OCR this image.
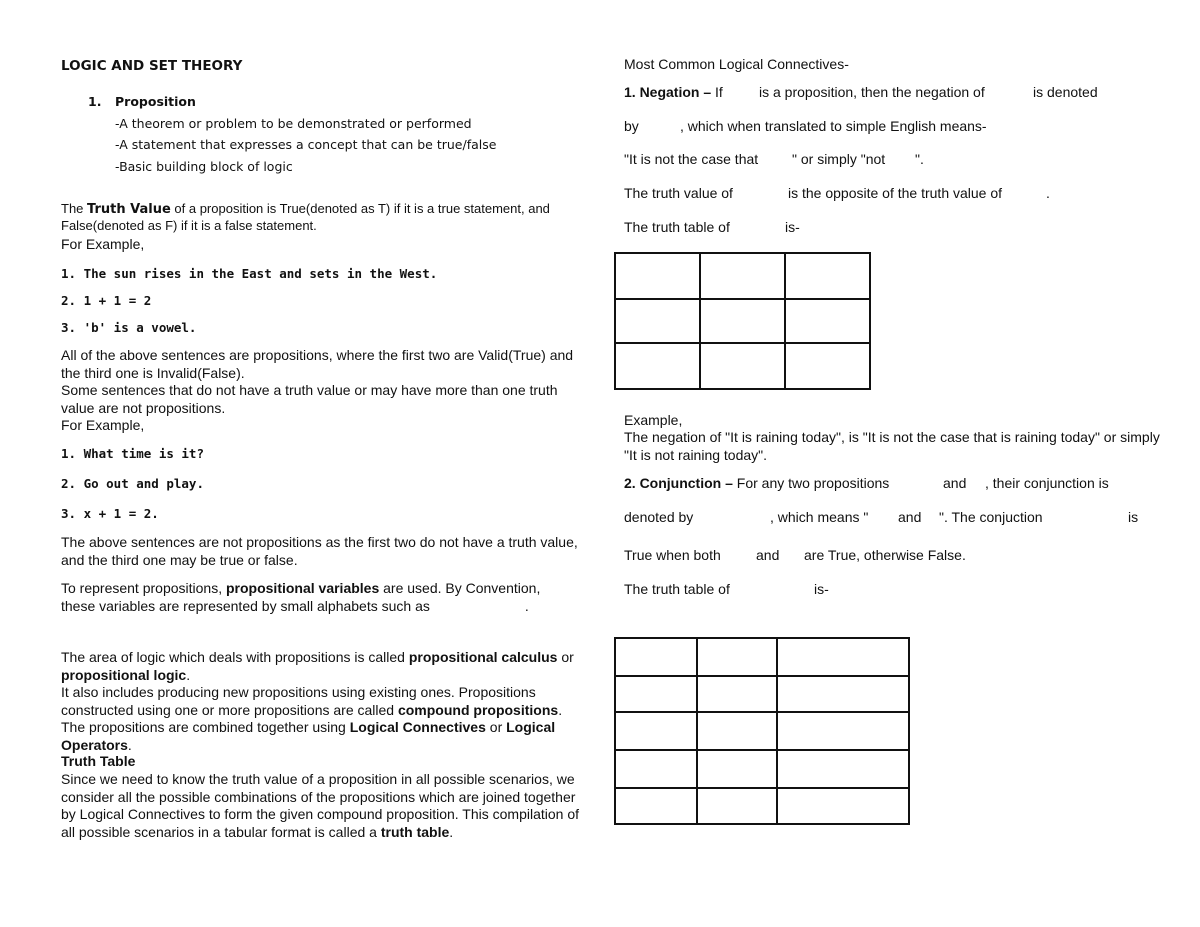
LOGIC AND SET THEORY
1. Proposition
-A theorem or problem to be demonstrated or performed
-A statement that expresses a concept that can be true/false
-Basic building block of logic
The Truth Value of a proposition is True(denoted as T) if it is a true statement, and False(denoted as F) if it is a false statement.
For Example,
1. The sun rises in the East and sets in the West.
2. 1 + 1 = 2
3. 'b' is a vowel.
All of the above sentences are propositions, where the first two are Valid(True) and the third one is Invalid(False).
Some sentences that do not have a truth value or may have more than one truth value are not propositions.
For Example,
1. What time is it?
2. Go out and play.
3. x + 1 = 2.
The above sentences are not propositions as the first two do not have a truth value, and the third one may be true or false.
To represent propositions, propositional variables are used. By Convention, these variables are represented by small alphabets such as	.
The area of logic which deals with propositions is called propositional calculus or propositional logic.
It also includes producing new propositions using existing ones. Propositions constructed using one or more propositions are called compound propositions. The propositions are combined together using Logical Connectives or Logical Operators.
Truth Table
Since we need to know the truth value of a proposition in all possible scenarios, we consider all the possible combinations of the propositions which are joined together by Logical Connectives to form the given compound proposition. This compilation of all possible scenarios in a tabular format is called a truth table.
Most Common Logical Connectives-
1. Negation – If	is a proposition, then the negation of	is denoted
by	, which when translated to simple English means-
"It is not the case that " or simply "not ".
The truth value of	is the opposite of the truth value of	.
The truth table of	is-

Example,
The negation of "It is raining today", is "It is not the case that is raining today" or simply "It is not raining today".
2. Conjunction – For any two propositions	and , their conjunction is
denoted by	, which means " and ". The conjuction	is
True when both	and are True, otherwise False.
The truth table of	is-
